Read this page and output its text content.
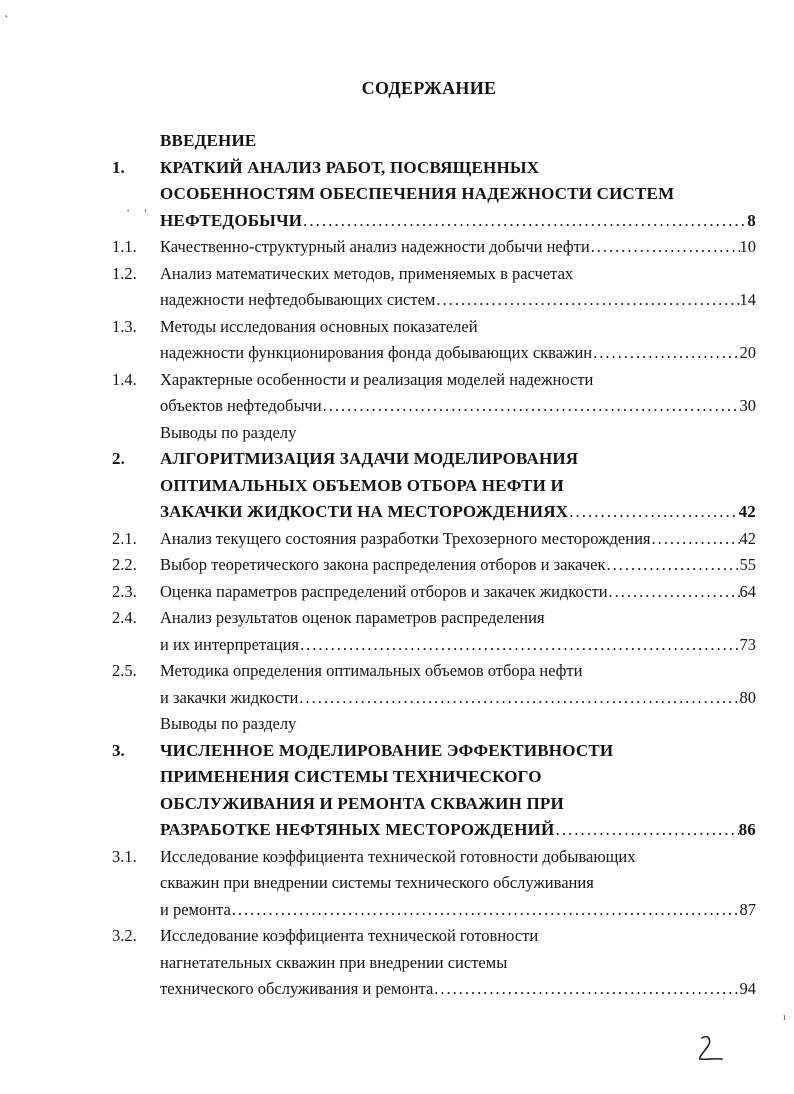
ˋ
' '
ı
СОДЕРЖАНИЕ
ВВЕДЕНИЕ
1.	КРАТКИЙ АНАЛИЗ РАБОТ, ПОСВЯЩЕННЫХ
ОСОБЕННОСТЯМ ОБЕСПЕЧЕНИЯ НАДЕЖНОСТИ СИСТЕМ
НЕФТЕДОБЫЧИ .....	8
1.1. Качественно-структурный анализ надежности добычи нефти .....	10
1.2.	Анализ математических методов, применяемых в расчетах
надежности нефтедобывающих систем .....	14
1.3.	Методы исследования основных показателей
надежности функционирования фонда добывающих скважин .....	20
1.4.	Характерные особенности и реализация моделей надежности
объектов нефтедобычи .....	30
Выводы по разделу
2.	АЛГОРИТМИЗАЦИЯ ЗАДАЧИ МОДЕЛИРОВАНИЯ
ОПТИМАЛЬНЫХ ОБЪЕМОВ ОТБОРА НЕФТИ И
ЗАКАЧКИ ЖИДКОСТИ НА МЕСТОРОЖДЕНИЯХ .....	42
2.1. Анализ текущего состояния разработки Трехозерного месторождения .....	42
2.2. Выбор теоретического закона распределения отборов и закачек .....	55
2.3. Оценка параметров распределений отборов и закачек жидкости .....	64
2.4.	Анализ результатов оценок параметров распределения
и их интерпретация .....	73
2.5.	Методика определения оптимальных объемов отбора нефти
и закачки жидкости .....	80
Выводы по разделу
3.	ЧИСЛЕННОЕ МОДЕЛИРОВАНИЕ ЭФФЕКТИВНОСТИ
ПРИМЕНЕНИЯ СИСТЕМЫ ТЕХНИЧЕСКОГО
ОБСЛУЖИВАНИЯ И РЕМОНТА СКВАЖИН ПРИ
РАЗРАБОТКЕ НЕФТЯНЫХ МЕСТОРОЖДЕНИЙ .....	86
3.1.	Исследование коэффициента технической готовности добывающих
скважин при внедрении системы технического обслуживания
и ремонта .....	87
3.2.	Исследование коэффициента технической готовности
нагнетательных скважин при внедрении системы
технического обслуживания и ремонта .....	94
